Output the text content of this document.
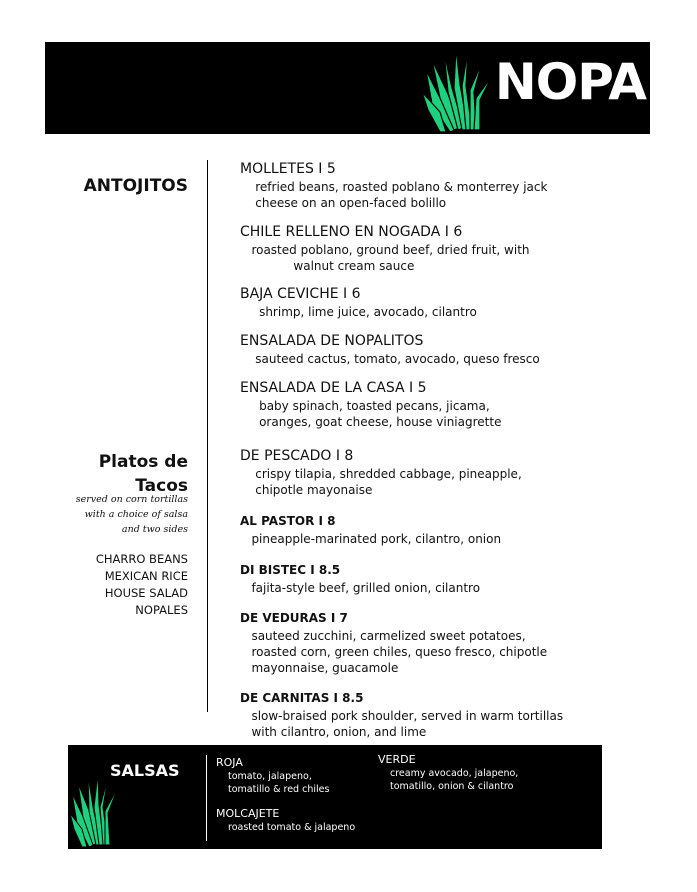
NOPA
ANTOJITOS
Platos de
Tacos
served on corn tortillas
with a choice of salsa
and two sides
CHARRO BEANS
MEXICAN RICE
HOUSE SALAD
NOPALES
MOLLETES I 5
refried beans, roasted poblano & monterrey jack
cheese on an open-faced bolillo
CHILE RELLENO EN NOGADA I 6
roasted poblano, ground beef, dried fruit, with
walnut cream sauce
BAJA CEVICHE I 6
shrimp, lime juice, avocado, cilantro
ENSALADA DE NOPALITOS
sauteed cactus, tomato, avocado, queso fresco
ENSALADA DE LA CASA I 5
baby spinach, toasted pecans, jicama,
oranges, goat cheese, house viniagrette
DE PESCADO I 8
crispy tilapia, shredded cabbage, pineapple,
chipotle mayonaise
AL PASTOR I 8
pineapple-marinated pork, cilantro, onion
DI BISTEC I 8.5
fajita-style beef, grilled onion, cilantro
DE VEDURAS I 7
sauteed zucchini, carmelized sweet potatoes,
roasted corn, green chiles, queso fresco, chipotle
mayonnaise, guacamole
DE CARNITAS I 8.5
slow-braised pork shoulder, served in warm tortillas
with cilantro, onion, and lime
SALSAS	ROJA
tomato, jalapeno,
tomatillo & red chiles
VERDE
creamy avocado, jalapeno,
tomatillo, onion & cilantro
MOLCAJETE
roasted tomato & jalapeno
